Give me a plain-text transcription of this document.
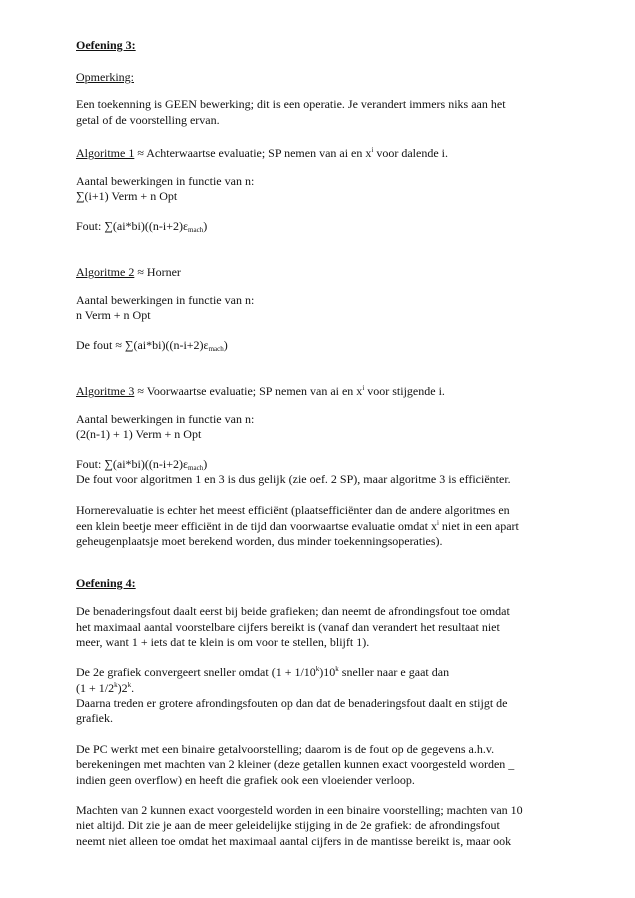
Oefening 3:
Opmerking:
Een toekenning is GEEN bewerking; dit is een operatie. Je verandert immers niks aan het
getal of de voorstelling ervan.
Algoritme 1 ≈ Achterwaartse evaluatie; SP nemen van ai en $x^i$ voor dalende i.
Aantal bewerkingen in functie van n:
∑(i+1) Verm + n Opt
Fout: $\sum(ai*bi)((n-i+2)\varepsilon_{mach})$
Algoritme 2 ≈ Horner
Aantal bewerkingen in functie van n:
n Verm + n Opt
De fout ≈ $\sum(ai*bi)((n-i+2)\varepsilon_{mach})$
Algoritme 3 ≈ Voorwaartse evaluatie; SP nemen van ai en $x^i$ voor stijgende i.
Aantal bewerkingen in functie van n:
(2(n-1) + 1) Verm + n Opt
Fout: $\sum(ai*bi)((n-i+2)\varepsilon_{mach})$
De fout voor algoritmen 1 en 3 is dus gelijk (zie oef. 2 SP), maar algoritme 3 is efficiënter.
Hornerevaluatie is echter het meest efficiënt (plaatsefficiënter dan de andere algoritmes en
een klein beetje meer efficiënt in de tijd dan voorwaartse evaluatie omdat $x^i$ niet in een apart
geheugenplaatsje moet berekend worden, dus minder toekenningsoperaties).
Oefening 4:
De benaderingsfout daalt eerst bij beide grafieken; dan neemt de afrondingsfout toe omdat
het maximaal aantal voorstelbare cijfers bereikt is (vanaf dan verandert het resultaat niet
meer, want 1 + iets dat te klein is om voor te stellen, blijft 1).
De 2e grafiek convergeert sneller omdat $(1 + 1/10^k)10^k$ sneller naar e gaat dan
$(1 + 1/2^k)2^k$.
Daarna treden er grotere afrondingsfouten op dan dat de benaderingsfout daalt en stijgt de
grafiek.
De PC werkt met een binaire getalvoorstelling; daarom is de fout op de gegevens a.h.v.
berekeningen met machten van 2 kleiner (deze getallen kunnen exact voorgesteld worden _
indien geen overflow) en heeft die grafiek ook een vloeiender verloop.
Machten van 2 kunnen exact voorgesteld worden in een binaire voorstelling; machten van 10
niet altijd. Dit zie je aan de meer geleidelijke stijging in de 2e grafiek: de afrondingsfout
neemt niet alleen toe omdat het maximaal aantal cijfers in de mantisse bereikt is, maar ook
